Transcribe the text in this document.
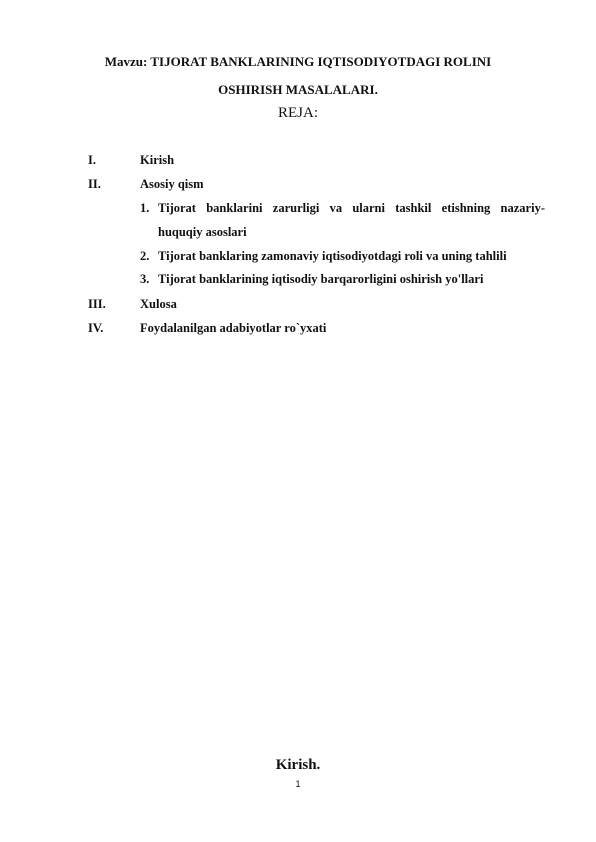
Mavzu: TIJORAT BANKLARINING IQTISODIYOTDAGI ROLINI
OSHIRISH MASALALARI.
REJA:
I.	Kirish
II.	Asosiy qism
1. Tijorat banklarini zarurligi va ularni tashkil etishning nazariy-
huquqiy asoslari
2. Tijorat banklaring zamonaviy iqtisodiyotdagi roli va uning tahlili
3. Tijorat banklarining iqtisodiy barqarorligini oshirish yo'llari
III.	Xulosa
IV.	Foydalanilgan adabiyotlar ro`yxati
Kirish.
1
